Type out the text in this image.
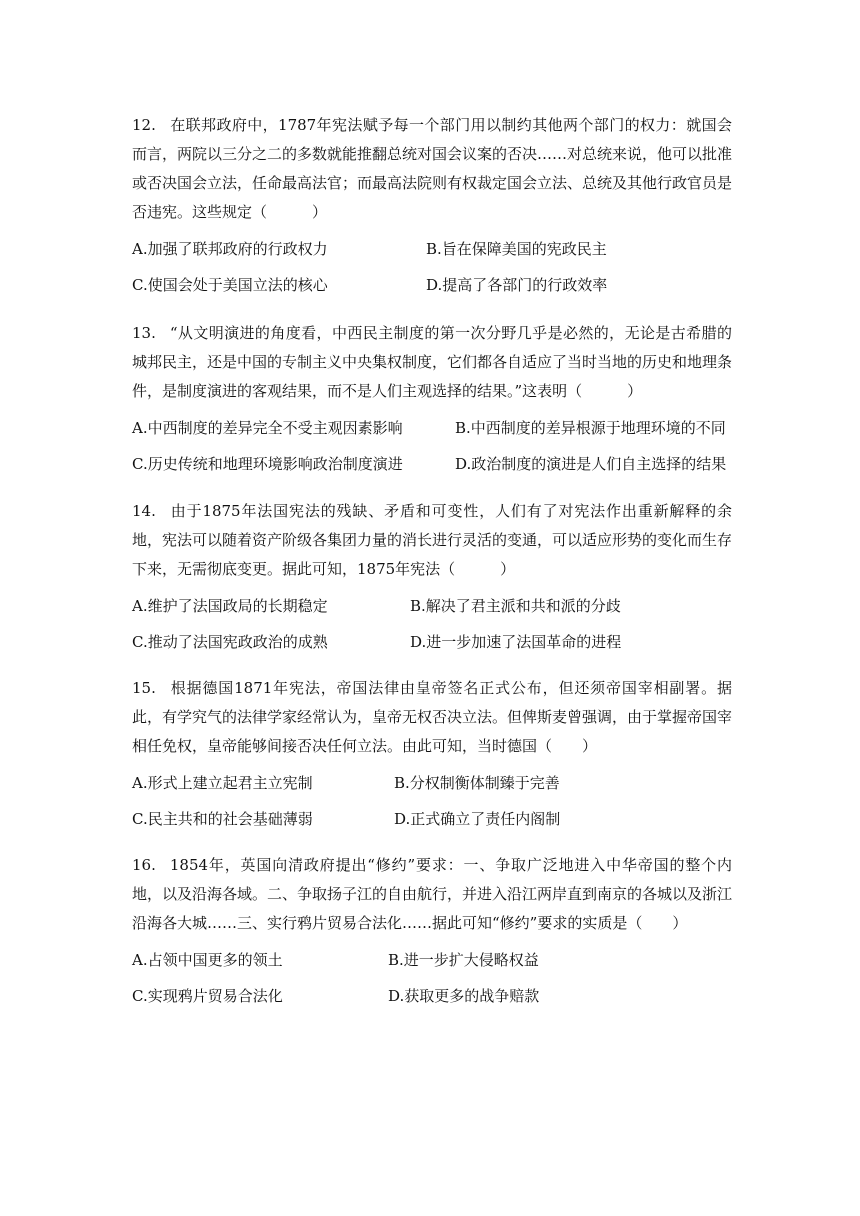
12. 在联邦政府中，1787年宪法赋予每一个部门用以制约其他两个部门的权力：就国会而言，两院以三分之二的多数就能推翻总统对国会议案的否决……对总统来说，他可以批准或否决国会立法，任命最高法官；而最高法院则有权裁定国会立法、总统及其他行政官员是否违宪。这些规定（　　　）

A.加强了联邦政府的行政权力	B.旨在保障美国的宪政民主
C.使国会处于美国立法的核心	D.提高了各部门的行政效率

13. “从文明演进的角度看，中西民主制度的第一次分野几乎是必然的，无论是古希腊的城邦民主，还是中国的专制主义中央集权制度，它们都各自适应了当时当地的历史和地理条件，是制度演进的客观结果，而不是人们主观选择的结果。”这表明（　　　）

A.中西制度的差异完全不受主观因素影响	B.中西制度的差异根源于地理环境的不同
C.历史传统和地理环境影响政治制度演进	D.政治制度的演进是人们自主选择的结果

14. 由于1875年法国宪法的残缺、矛盾和可变性，人们有了对宪法作出重新解释的余地，宪法可以随着资产阶级各集团力量的消长进行灵活的变通，可以适应形势的变化而生存下来，无需彻底变更。据此可知，1875年宪法（　　　）

A.维护了法国政局的长期稳定	B.解决了君主派和共和派的分歧
C.推动了法国宪政政治的成熟	D.进一步加速了法国革命的进程

15. 根据德国1871年宪法，帝国法律由皇帝签名正式公布，但还须帝国宰相副署。据此，有学究气的法律学家经常认为，皇帝无权否决立法。但俾斯麦曾强调，由于掌握帝国宰相任免权，皇帝能够间接否决任何立法。由此可知，当时德国（　　）

A.形式上建立起君主立宪制	B.分权制衡体制臻于完善
C.民主共和的社会基础薄弱	D.正式确立了责任内阁制

16. 1854年，英国向清政府提出“修约”要求：一、争取广泛地进入中华帝国的整个内地，以及沿海各域。二、争取扬子江的自由航行，并进入沿江两岸直到南京的各城以及浙江沿海各大城……三、实行鸦片贸易合法化……据此可知“修约”要求的实质是（　　）

A.占领中国更多的领土	B.进一步扩大侵略权益
C.实现鸦片贸易合法化	D.获取更多的战争赔款
